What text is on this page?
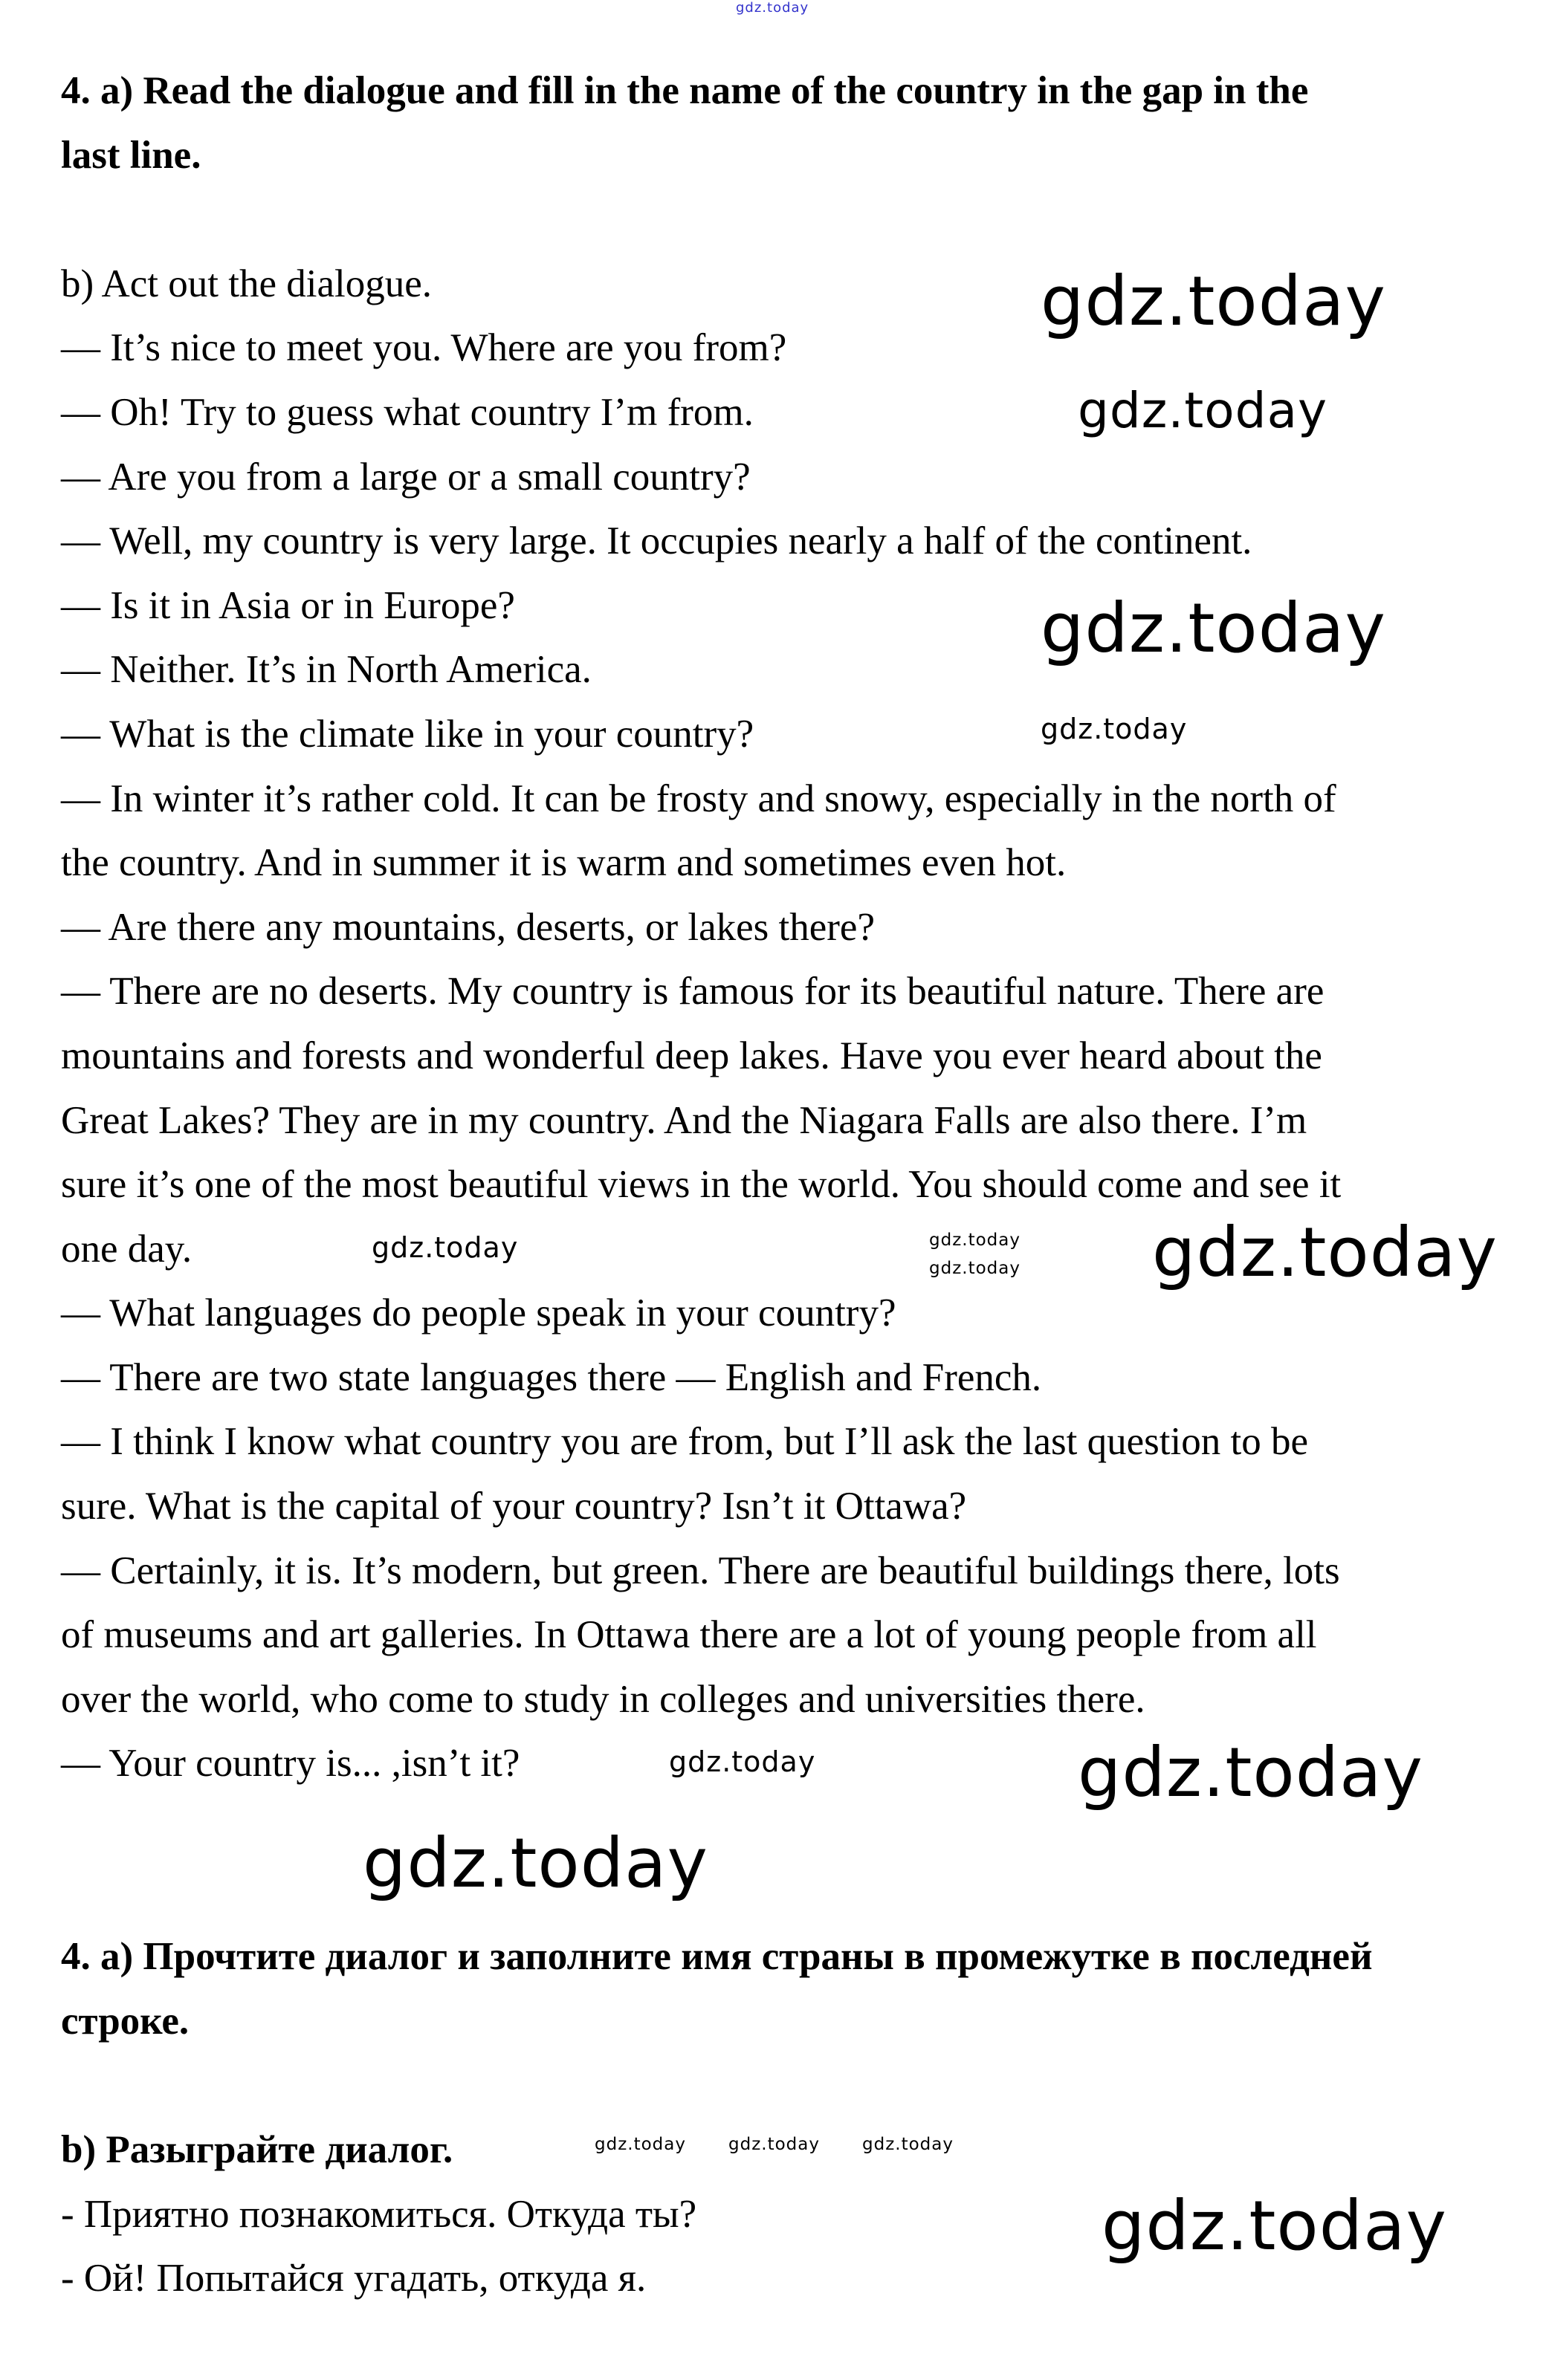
gdz.today
4. a) Read the dialogue and fill in the name of the country in the gap in the
last line.
b) Act out the dialogue.
— It’s nice to meet you. Where are you from?
— Oh! Try to guess what country I’m from.
— Are you from a large or a small country?
— Well, my country is very large. It occupies nearly a half of the continent.
— Is it in Asia or in Europe?
— Neither. It’s in North America.
— What is the climate like in your country?
— In winter it’s rather cold. It can be frosty and snowy, especially in the north of
the country. And in summer it is warm and sometimes even hot.
— Are there any mountains, deserts, or lakes there?
— There are no deserts. My country is famous for its beautiful nature. There are
mountains and forests and wonderful deep lakes. Have you ever heard about the
Great Lakes? They are in my country. And the Niagara Falls are also there. I’m
sure it’s one of the most beautiful views in the world. You should come and see it
one day.
— What languages do people speak in your country?
— There are two state languages there — English and French.
— I think I know what country you are from, but I’ll ask the last question to be
sure. What is the capital of your country? Isn’t it Ottawa?
— Certainly, it is. It’s modern, but green. There are beautiful buildings there, lots
of museums and art galleries. In Ottawa there are a lot of young people from all
over the world, who come to study in colleges and universities there.
— Your country is... ,isn’t it?
4. a) Прочтите диалог и заполните имя страны в промежутке в последней
строке.
b) Разыграйте диалог.
- Приятно познакомиться. Откуда ты?
- Ой! Попытайся угадать, откуда я.
gdz.today
gdz.today
gdz.today
gdz.today
gdz.today	gdz.today
gdz.today
gdz.today
gdz.today
gdz.today
gdz.today
gdz.today
gdz.today gdz.today gdz.today
